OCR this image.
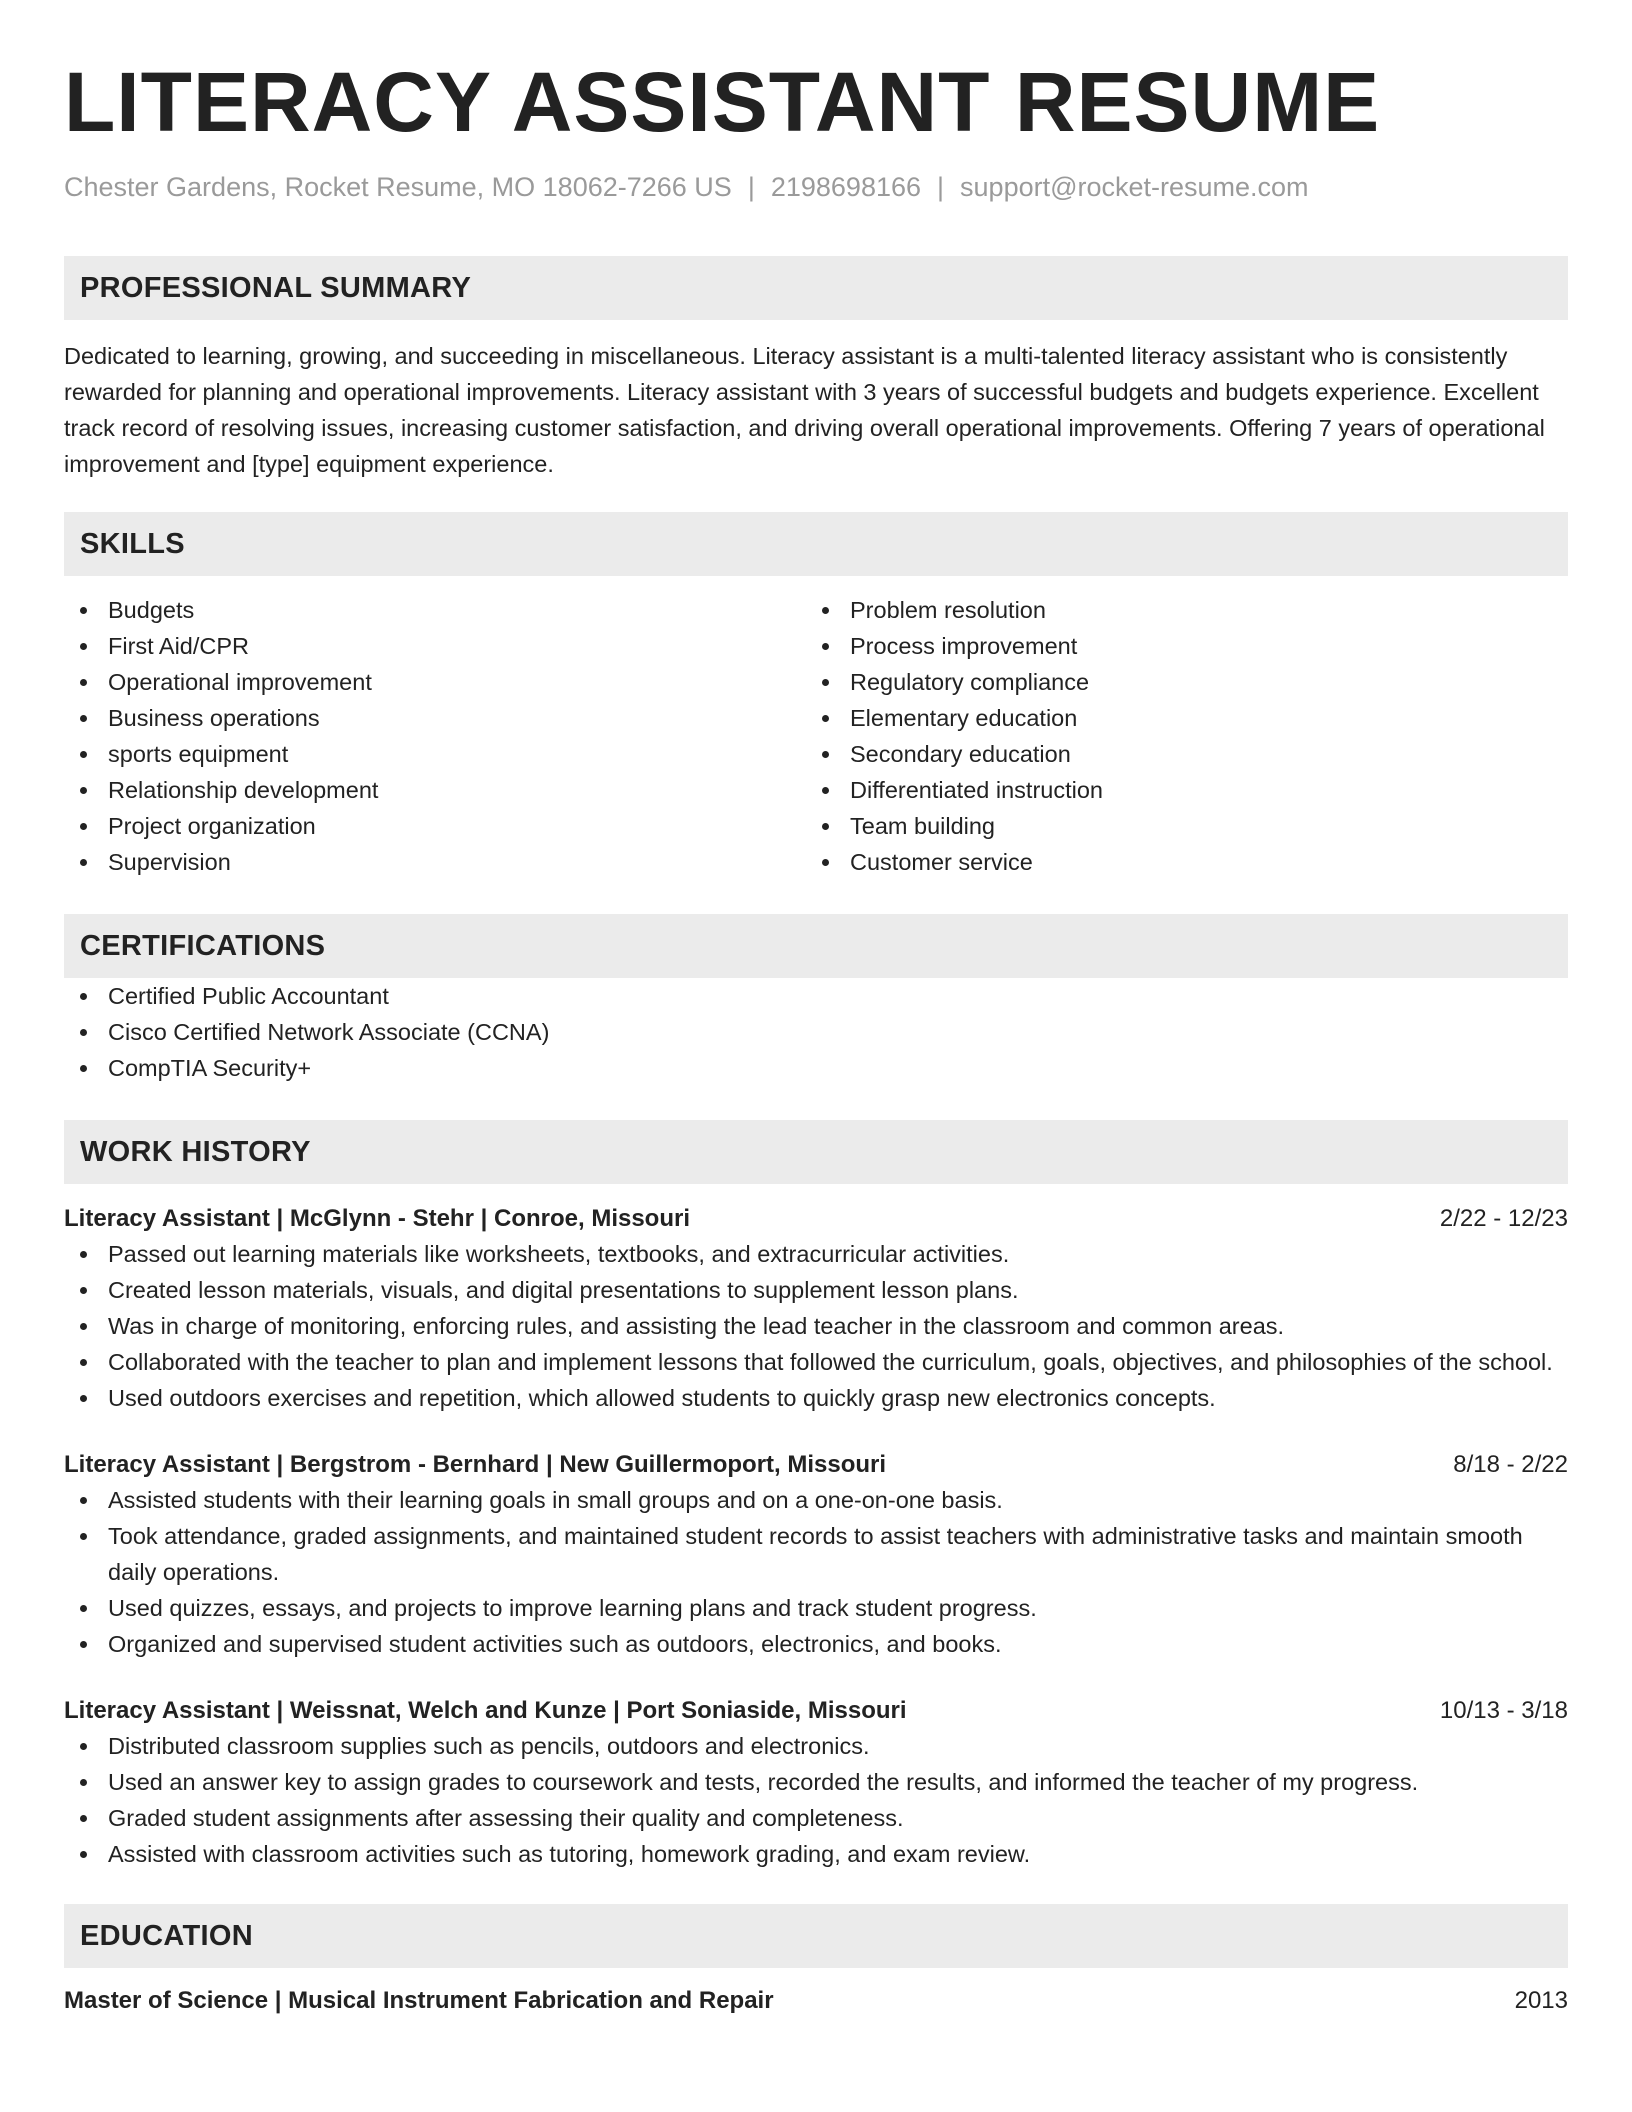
LITERACY ASSISTANT RESUME
Chester Gardens, Rocket Resume, MO 18062-7266 US | 2198698166 | support@rocket-resume.com
PROFESSIONAL SUMMARY

Dedicated to learning, growing, and succeeding in miscellaneous. Literacy assistant is a multi-talented literacy assistant who is consistently rewarded for planning and operational improvements. Literacy assistant with 3 years of successful budgets and budgets experience. Excellent track record of resolving issues, increasing customer satisfaction, and driving overall operational improvements. Offering 7 years of operational improvement and [type] equipment experience.

SKILLS
Budgets
First Aid/CPR
Operational improvement
Business operations
sports equipment
Relationship development
Project organization
Supervision
Problem resolution
Process improvement
Regulatory compliance
Elementary education
Secondary education
Differentiated instruction
Team building
Customer service
CERTIFICATIONS
Certified Public Accountant
Cisco Certified Network Associate (CCNA)
CompTIA Security+
WORK HISTORY
Literacy Assistant | McGlynn - Stehr | Conroe, Missouri	2/22 - 12/23
Passed out learning materials like worksheets, textbooks, and extracurricular activities.
Created lesson materials, visuals, and digital presentations to supplement lesson plans.
Was in charge of monitoring, enforcing rules, and assisting the lead teacher in the classroom and common areas.
Collaborated with the teacher to plan and implement lessons that followed the curriculum, goals, objectives, and philosophies of the school.
Used outdoors exercises and repetition, which allowed students to quickly grasp new electronics concepts.
Literacy Assistant | Bergstrom - Bernhard | New Guillermoport, Missouri	8/18 - 2/22
Assisted students with their learning goals in small groups and on a one-on-one basis.
Took attendance, graded assignments, and maintained student records to assist teachers with administrative tasks and maintain smooth daily operations.
Used quizzes, essays, and projects to improve learning plans and track student progress.
Organized and supervised student activities such as outdoors, electronics, and books.
Literacy Assistant | Weissnat, Welch and Kunze | Port Soniaside, Missouri	10/13 - 3/18
Distributed classroom supplies such as pencils, outdoors and electronics.
Used an answer key to assign grades to coursework and tests, recorded the results, and informed the teacher of my progress.
Graded student assignments after assessing their quality and completeness.
Assisted with classroom activities such as tutoring, homework grading, and exam review.
EDUCATION
Master of Science | Musical Instrument Fabrication and Repair	2013
